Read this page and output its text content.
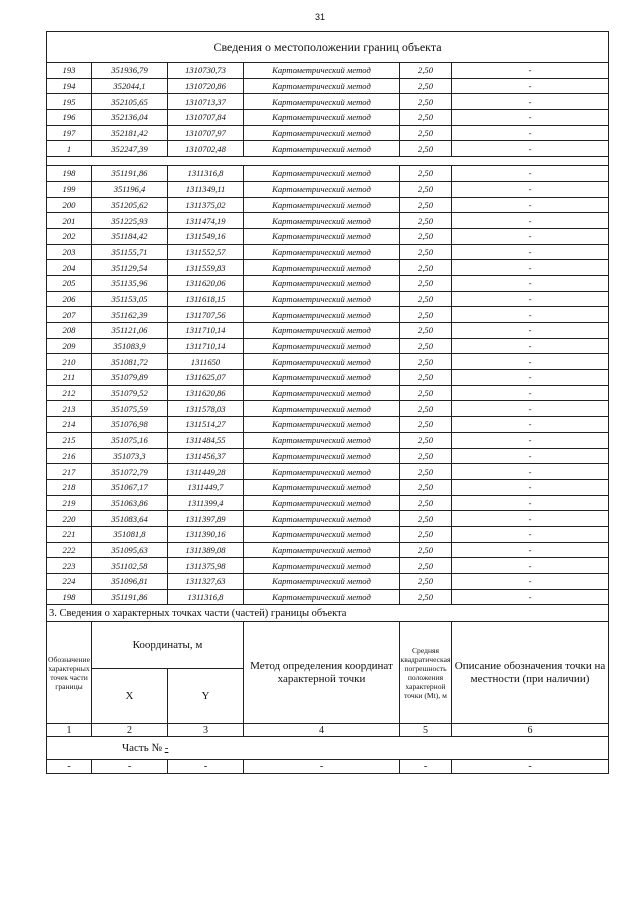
31
Сведения о местоположении границ объекта					
193	351936,79	1310730,73	Картометрический метод	2,50	-
194	352044,1	1310720,86	Картометрический метод	2,50	-
195	352105,65	1310713,37	Картометрический метод	2,50	-
196	352136,04	1310707,84	Картометрический метод	2,50	-
197	352181,42	1310707,97	Картометрический метод	2,50	-
1	352247,39	1310702,48	Картометрический метод	2,50	-

198	351191,86	1311316,8	Картометрический метод	2,50	-
199	351196,4	1311349,11	Картометрический метод	2,50	-
200	351205,62	1311375,02	Картометрический метод	2,50	-
201	351225,93	1311474,19	Картометрический метод	2,50	-
202	351184,42	1311549,16	Картометрический метод	2,50	-
203	351155,71	1311552,57	Картометрический метод	2,50	-
204	351129,54	1311559,83	Картометрический метод	2,50	-
205	351135,96	1311620,06	Картометрический метод	2,50	-
206	351153,05	1311618,15	Картометрический метод	2,50	-
207	351162,39	1311707,56	Картометрический метод	2,50	-
208	351121,06	1311710,14	Картометрический метод	2,50	-
209	351083,9	1311710,14	Картометрический метод	2,50	-
210	351081,72	1311650	Картометрический метод	2,50	-
211	351079,89	1311625,07	Картометрический метод	2,50	-
212	351079,52	1311620,86	Картометрический метод	2,50	-
213	351075,59	1311578,03	Картометрический метод	2,50	-
214	351076,98	1311514,27	Картометрический метод	2,50	-
215	351075,16	1311484,55	Картометрический метод	2,50	-
216	351073,3	1311456,37	Картометрический метод	2,50	-
217	351072,79	1311449,28	Картометрический метод	2,50	-
218	351067,17	1311449,7	Картометрический метод	2,50	-
219	351063,86	1311399,4	Картометрический метод	2,50	-
220	351083,64	1311397,89	Картометрический метод	2,50	-
221	351081,8	1311390,16	Картометрический метод	2,50	-
222	351095,63	1311389,08	Картометрический метод	2,50	-
223	351102,58	1311375,98	Картометрический метод	2,50	-
224	351096,81	1311327,63	Картометрический метод	2,50	-
198	351191,86	1311316,8	Картометрический метод	2,50	-
3. Сведения о характерных точках части (частей) границы объекта					
Обозначение характерных точек части границы	Координаты, м		Метод определения координат характерной точки	Средняя квадратическая погрешность положения характерной точки (Mt), м	Описание обозначения точки на местности (при наличии)
	X	Y			
1	2	3	4	5	6
Часть № -					
-	-	-	-	-	-
